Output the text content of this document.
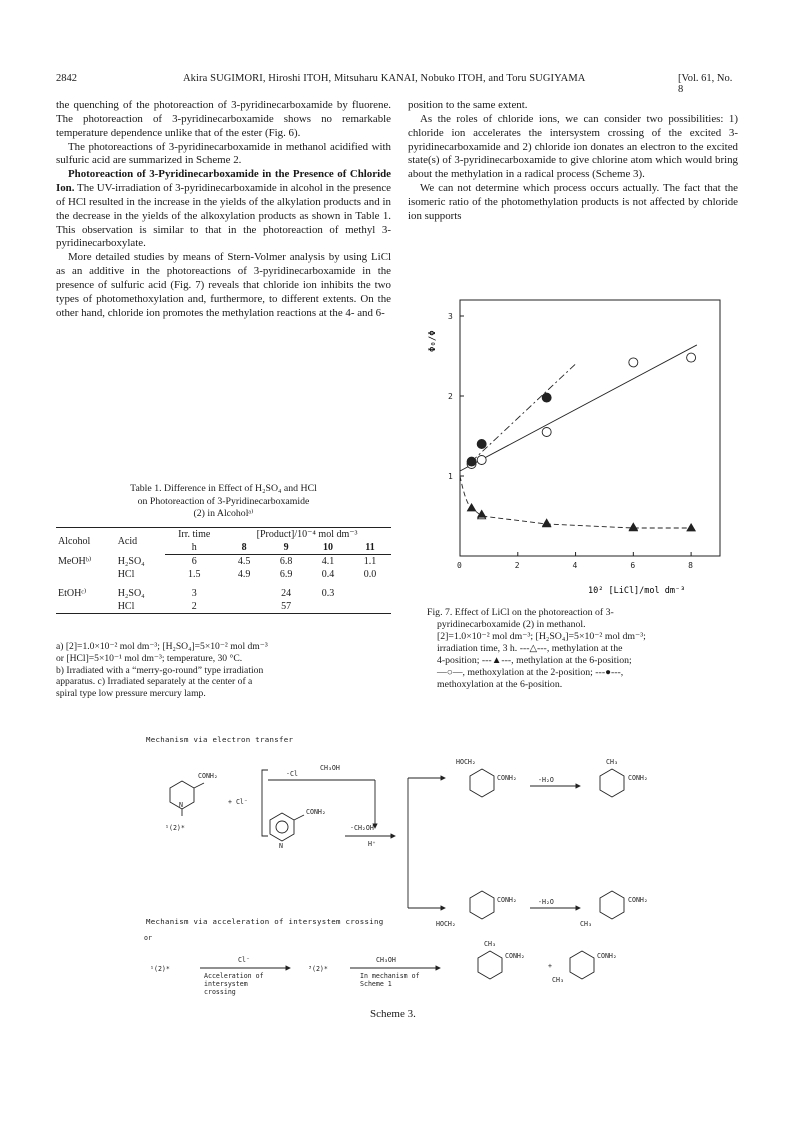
2842	Akira SUGIMORI, Hiroshi ITOH, Mitsuharu KANAI, Nobuko ITOH, and Toru SUGIYAMA	[Vol. 61, No. 8

the quenching of the photoreaction of 3-pyridinecarboxamide by fluorene. The photoreaction of 3-pyridinecarboxamide shows no remarkable temperature dependence unlike that of the ester (Fig. 6).

The photoreactions of 3-pyridinecarboxamide in methanol acidified with sulfuric acid are summarized in Scheme 2.

Photoreaction of 3-Pyridinecarboxamide in the Presence of Chloride Ion. The UV-irradiation of 3-pyridinecarboxamide in alcohol in the presence of HCl resulted in the increase in the yields of the alkylation products and in the decrease in the yields of the alkoxylation products as shown in Table 1. This observation is similar to that in the photoreaction of methyl 3-pyridinecarboxylate.

More detailed studies by means of Stern-Volmer analysis by using LiCl as an additive in the photoreactions of 3-pyridinecarboxamide in the presence of sulfuric acid (Fig. 7) reveals that chloride ion inhibits the two types of photomethoxylation and, furthermore, to different extents. On the other hand, chloride ion promotes the methylation reactions at the 4- and 6-

position to the same extent.

As the roles of chloride ions, we can consider two possibilities: 1) chloride ion accelerates the intersystem crossing of the excited 3-pyridinecarboxamide and 2) chloride ion donates an electron to the excited state(s) of 3-pyridinecarboxamide to give chlorine atom which would bring about the methylation in a radical process (Scheme 3).

We can not determine which process occurs actually. The fact that the isomeric ratio of the photomethylation products is not affected by chloride ion supports

Table 1. Difference in Effect of H₂SO₄ and HCl
on Photoreaction of 3-Pyridinecarboxamide
(2) in Alcoholᵃ⁾
Alcohol	Acid	Irr. time	[Product]/10⁻⁴ mol dm⁻³			
		h	8	9	10	11
MeOHᵇ⁾	H₂SO₄	6	4.5	6.8	4.1	1.1
	HCl	1.5	4.9	6.9	0.4	0.0
EtOHᶜ⁾	H₂SO₄	3		24	0.3	
	HCl	2		57		
a) [2]=1.0×10⁻² mol dm⁻³; [H₂SO₄]=5×10⁻² mol dm⁻³
or [HCl]=5×10⁻¹ mol dm⁻³; temperature, 30 °C.
b) Irradiated with a “merry-go-round” type irradiation
apparatus. c) Irradiated separately at the center of a
spiral type low pressure mercury lamp.
0	2	4	6	8
1
2
3
Φ₀/Φ
10² [LiCl]/mol dm⁻³
Fig. 7. Effect of LiCl on the photoreaction of 3-
pyridinecarboxamide (2) in methanol.
[2]=1.0×10⁻² mol dm⁻³; [H₂SO₄]=5×10⁻² mol dm⁻³;
irradiation time, 3 h. ---△---, methylation at the
4-position; ---▲---, methylation at the 6-position;
—○—, methoxylation at the 2-position; ---●---,
methoxylation at the 6-position.
Mechanism via electron transfer
Mechanism via acceleration of intersystem crossing
CONH₂
N
¹(2)*
+ Cl⁻
·Cl
CH₃OH
CONH₂
N
·CH₂OH
H⁺
HOCH₂
CONH₂	-H₂O
CH₃
CONH₂
CONH₂
HOCH₂
-H₂O
CH₃
CONH₂
or
¹(2)*
Cl⁻
Acceleration of
intersystem
crossing
³(2)*
CH₃OH
In mechanism of
Scheme 1
CH₃
CONH₂
+
CONH₂
CH₃
Scheme 3.
